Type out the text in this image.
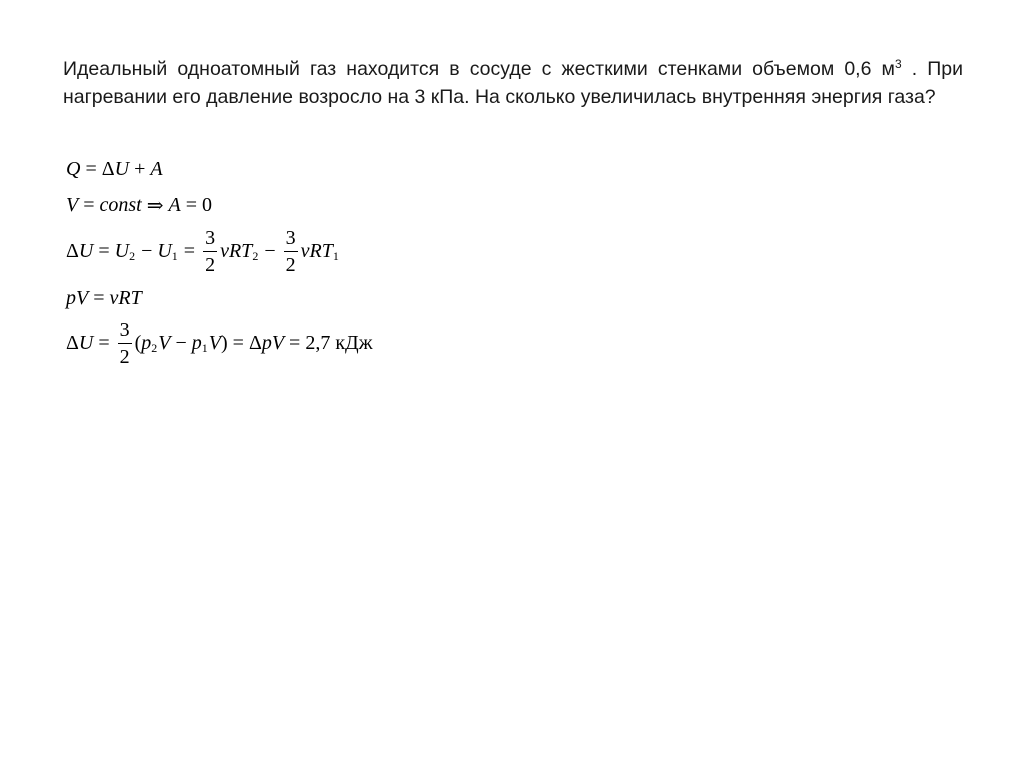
Идеальный одноатомный газ находится в сосуде с жесткими стенками объемом 0,6 $м^3$ . При нагревании его давление возросло на 3 кПа. На сколько увеличилась внутренняя энергия газа?
Q = Δ U + A
V = const ⇒ A = 0
Δ U = U 2 − U $1 = \frac{3}{2}$ ν RT $2 - \frac{3}{2}$ ν RT 1
p V = ν RT
Δ $U = \frac{3}{2}$ ( p 2 V − p 1 V ) = Δ p V = 2,7
кДж
